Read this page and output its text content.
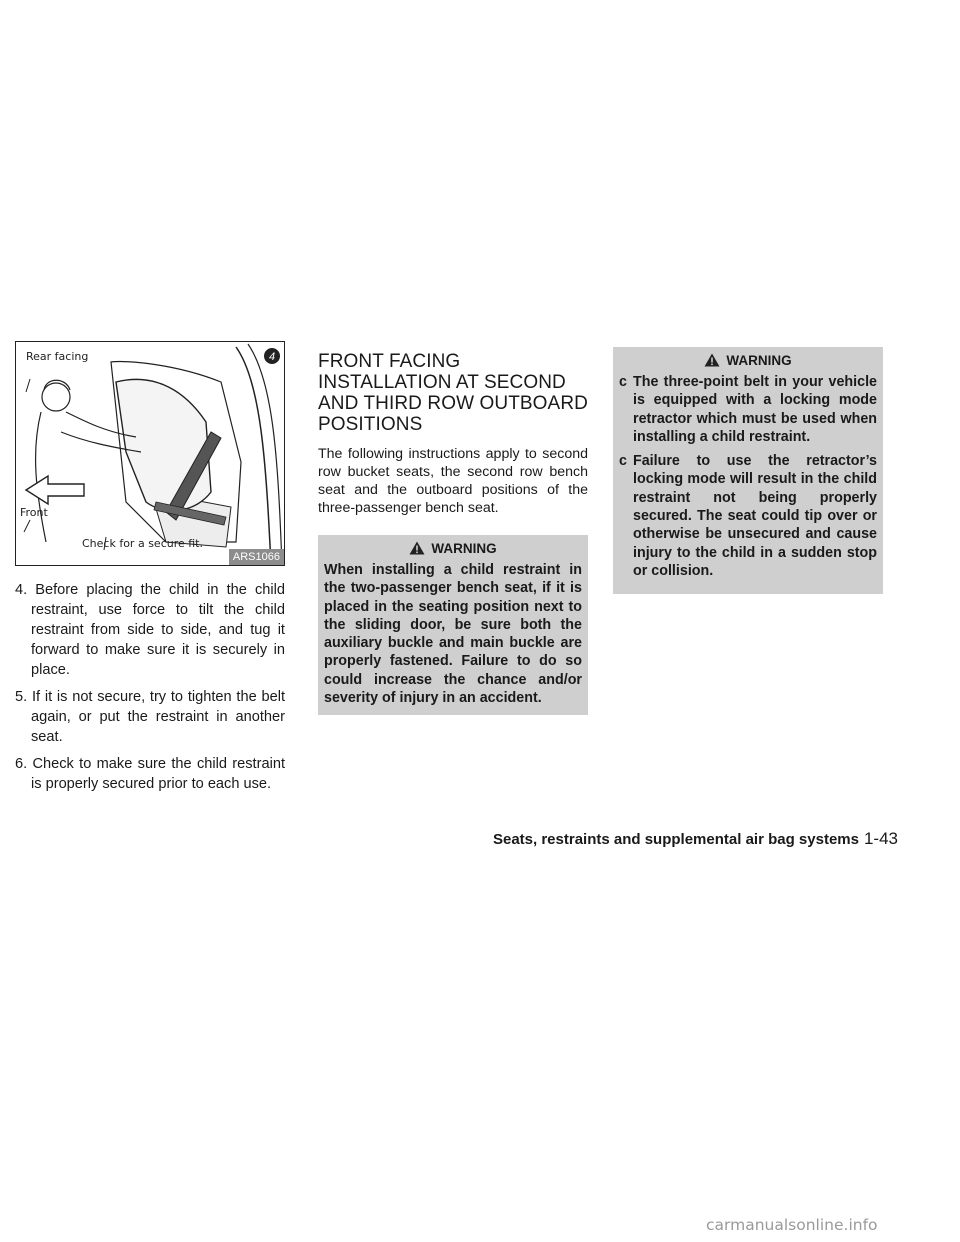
4
Rear facing
Front
Check for a secure fit.
ARS1066
4. Before placing the child in the child restraint, use force to tilt the child restraint from side to side, and tug it forward to make sure it is securely in place.
5. If it is not secure, try to tighten the belt again, or put the restraint in another seat.
6. Check to make sure the child restraint is properly secured prior to each use.
FRONT FACING INSTALLATION AT SECOND AND THIRD ROW OUTBOARD POSITIONS

The following instructions apply to second row bucket seats, the second row bench seat and the outboard positions of the three-passenger bench seat.

WARNING

When installing a child restraint in the two-passenger bench seat, if it is placed in the seating position next to the sliding door, be sure both the auxiliary buckle and main buckle are properly fastened. Failure to do so could increase the chance and/or severity of injury in an accident.

WARNING
c The three-point belt in your vehicle is equipped with a locking mode retractor which must be used when installing a child restraint.
c Failure to use the retractor’s locking mode will result in the child restraint not being properly secured. The seat could tip over or otherwise be unsecured and cause injury to the child in a sudden stop or collision.
Seats, restraints and supplemental air bag systems 1-43
carmanualsonline.info
